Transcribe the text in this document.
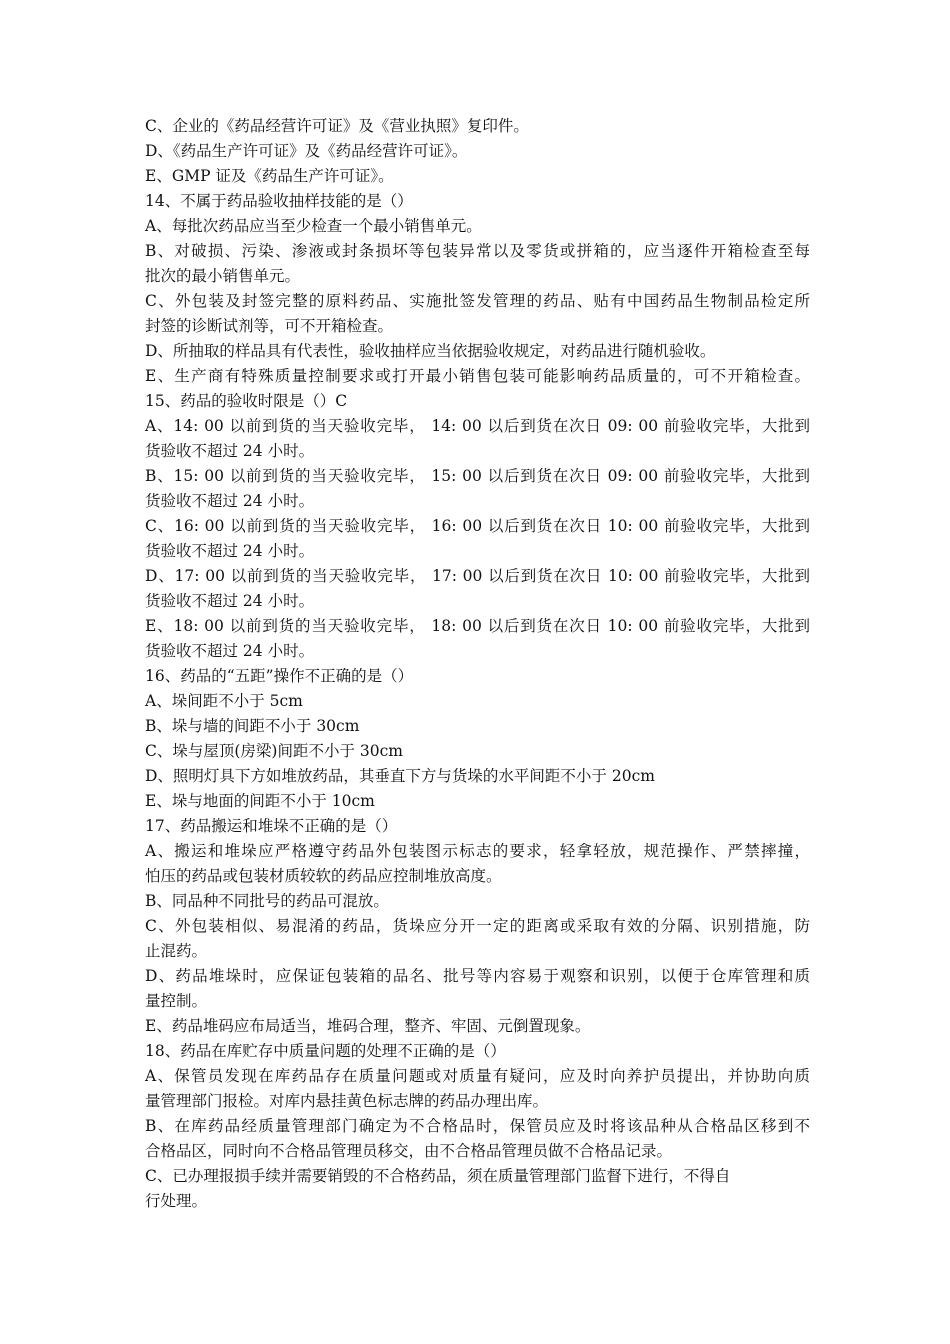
C、企业的《药品经营许可证》及《营业执照》复印件。
D、《药品生产许可证》及《药品经营许可证》。
E、GMP 证及《药品生产许可证》。
14、不属于药品验收抽样技能的是（）
A、每批次药品应当至少检查一个最小销售单元。
B、对破损、污染、渗液或封条损坏等包装异常以及零货或拼箱的，应当逐件开箱检查至每
批次的最小销售单元。
C、外包装及封签完整的原料药品、实施批签发管理的药品、贴有中国药品生物制品检定所
封签的诊断试剂等，可不开箱检查。
D、所抽取的样品具有代表性，验收抽样应当依据验收规定，对药品进行随机验收。
E、生产商有特殊质量控制要求或打开最小销售包装可能影响药品质量的，可不开箱检查。
15、药品的验收时限是（）C
A、14: 00 以前到货的当天验收完毕， 14: 00 以后到货在次日 09: 00 前验收完毕，大批到
货验收不超过 24 小时。
B、15: 00 以前到货的当天验收完毕， 15: 00 以后到货在次日 09: 00 前验收完毕，大批到
货验收不超过 24 小时。
C、16: 00 以前到货的当天验收完毕， 16: 00 以后到货在次日 10: 00 前验收完毕，大批到
货验收不超过 24 小时。
D、17: 00 以前到货的当天验收完毕， 17: 00 以后到货在次日 10: 00 前验收完毕，大批到
货验收不超过 24 小时。
E、18: 00 以前到货的当天验收完毕， 18: 00 以后到货在次日 10: 00 前验收完毕，大批到
货验收不超过 24 小时。
16、药品的“五距”操作不正确的是（）
A、垛间距不小于 5cm
B、垛与墙的间距不小于 30cm
C、垛与屋顶(房梁)间距不小于 30cm
D、照明灯具下方如堆放药品，其垂直下方与货垛的水平间距不小于 20cm
E、垛与地面的间距不小于 10cm
17、药品搬运和堆垛不正确的是（）
A、搬运和堆垛应严格遵守药品外包装图示标志的要求，轻拿轻放，规范操作、严禁摔撞，
怕压的药品或包装材质较软的药品应控制堆放高度。
B、同品种不同批号的药品可混放。
C、外包装相似、易混淆的药品，货垛应分开一定的距离或采取有效的分隔、识别措施，防
止混药。
D、药品堆垛时，应保证包装箱的品名、批号等内容易于观察和识别，以便于仓库管理和质
量控制。
E、药品堆码应布局适当，堆码合理，整齐、牢固、元倒置现象。
18、药品在库贮存中质量问题的处理不正确的是（）
A、保管员发现在库药品存在质量问题或对质量有疑问，应及时向养护员提出，并协助向质
量管理部门报检。对库内悬挂黄色标志牌的药品办理出库。
B、在库药品经质量管理部门确定为不合格品时，保管员应及时将该品种从合格品区移到不
合格品区，同时向不合格品管理员移交，由不合格品管理员做不合格品记录。
C、已办理报损手续并需要销毁的不合格药品，须在质量管理部门监督下进行，不得自
行处理。
